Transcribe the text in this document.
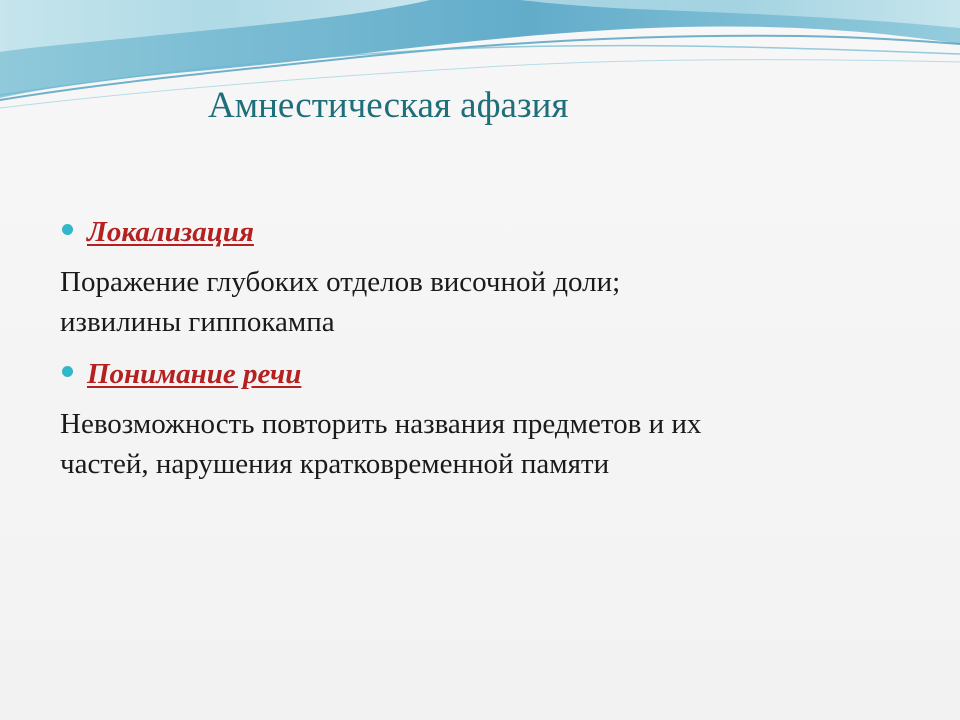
Амнестическая афазия
Локализация
Поражение глубоких отделов височной доли;
извилины гиппокампа
Понимание речи
Невозможность повторить названия предметов и их
частей, нарушения кратковременной памяти
